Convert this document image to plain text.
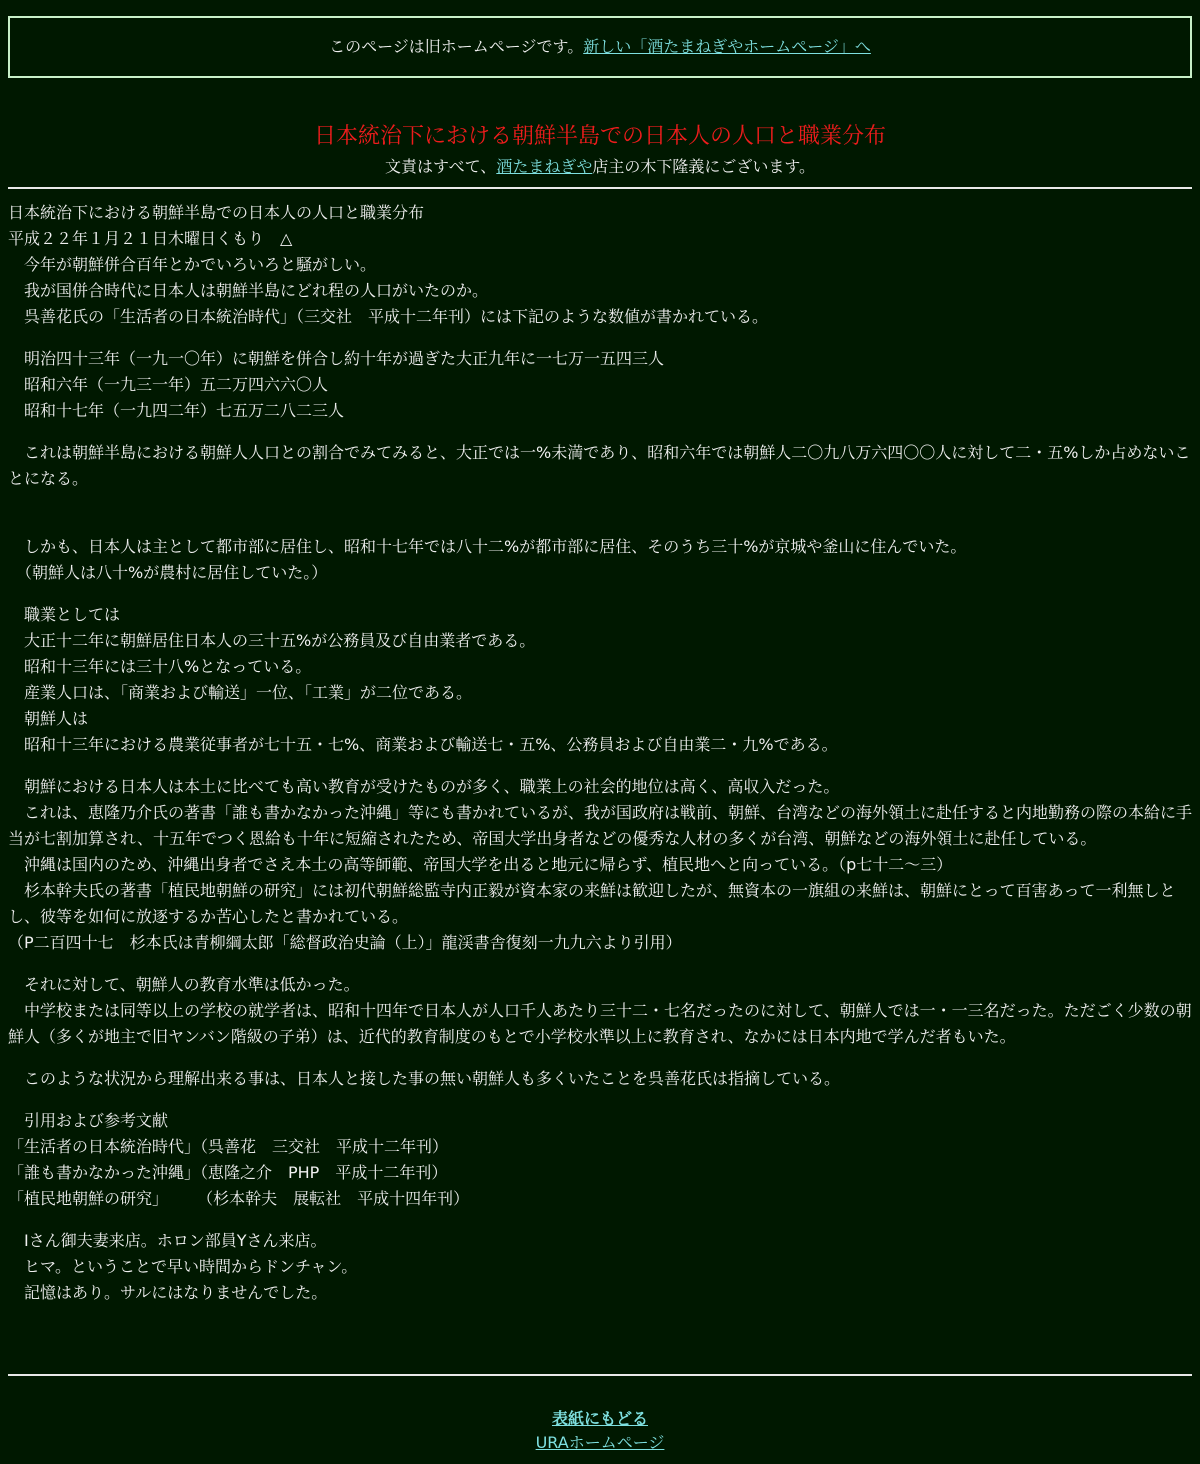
このページは旧ホームページです。 新しい「酒たまねぎやホームページ」へ
日本統治下における朝鮮半島での日本人の人口と職業分布
文責はすべて、酒たまねぎや店主の木下隆義にございます。

日本統治下における朝鮮半島での日本人の人口と職業分布

平成２２年１月２１日木曜日くもり　△

　今年が朝鮮併合百年とかでいろいろと騒がしい。

　我が国併合時代に日本人は朝鮮半島にどれ程の人口がいたのか。

　呉善花氏の「生活者の日本統治時代」（三交社　平成十二年刊）には下記のような数値が書かれている。

　明治四十三年（一九一〇年）に朝鮮を併合し約十年が過ぎた大正九年に一七万一五四三人

　昭和六年（一九三一年）五二万四六六〇人

　昭和十七年（一九四二年）七五万二八二三人

　これは朝鮮半島における朝鮮人人口との割合でみてみると、大正では一%未満であり、昭和六年では朝鮮人二〇九八万六四〇〇人に対して二・五%しか占めないことになる。

　しかも、日本人は主として都市部に居住し、昭和十七年では八十二%が都市部に居住、そのうち三十%が京城や釜山に住んでいた。

　（朝鮮人は八十%が農村に居住していた。）

　職業としては

　大正十二年に朝鮮居住日本人の三十五%が公務員及び自由業者である。

　昭和十三年には三十八%となっている。

　産業人口は、「商業および輸送」一位、「工業」が二位である。

　朝鮮人は

　昭和十三年における農業従事者が七十五・七%、商業および輸送七・五%、公務員および自由業二・九%である。

　朝鮮における日本人は本土に比べても高い教育が受けたものが多く、職業上の社会的地位は高く、高収入だった。

　これは、恵隆乃介氏の著書「誰も書かなかった沖縄」等にも書かれているが、我が国政府は戦前、朝鮮、台湾などの海外領土に赴任すると内地勤務の際の本給に手当が七割加算され、十五年でつく恩給も十年に短縮されたため、帝国大学出身者などの優秀な人材の多くが台湾、朝鮮などの海外領土に赴任している。

　沖縄は国内のため、沖縄出身者でさえ本土の高等師範、帝国大学を出ると地元に帰らず、植民地へと向っている。（p七十二〜三）

　杉本幹夫氏の著書「植民地朝鮮の研究」には初代朝鮮総監寺内正毅が資本家の来鮮は歓迎したが、無資本の一旗組の来鮮は、朝鮮にとって百害あって一利無しとし、彼等を如何に放逐するか苦心したと書かれている。

（P二百四十七　杉本氏は青柳綱太郎「総督政治史論（上）」龍渓書舎復刻一九九六より引用）

　それに対して、朝鮮人の教育水準は低かった。

　中学校または同等以上の学校の就学者は、昭和十四年で日本人が人口千人あたり三十二・七名だったのに対して、朝鮮人では一・一三名だった。ただごく少数の朝鮮人（多くが地主で旧ヤンバン階級の子弟）は、近代的教育制度のもとで小学校水準以上に教育され、なかには日本内地で学んだ者もいた。

　このような状況から理解出来る事は、日本人と接した事の無い朝鮮人も多くいたことを呉善花氏は指摘している。

　引用および参考文献

「生活者の日本統治時代」（呉善花　三交社　平成十二年刊）

「誰も書かなかった沖縄」（恵隆之介　PHP　平成十二年刊）

「植民地朝鮮の研究」　　 （杉本幹夫　展転社　平成十四年刊）

　Iさん御夫妻来店。ホロン部員Yさん来店。

　ヒマ。ということで早い時間からドンチャン。

　記憶はあり。サルにはなりませんでした。

表紙にもどる
URAホームページ
